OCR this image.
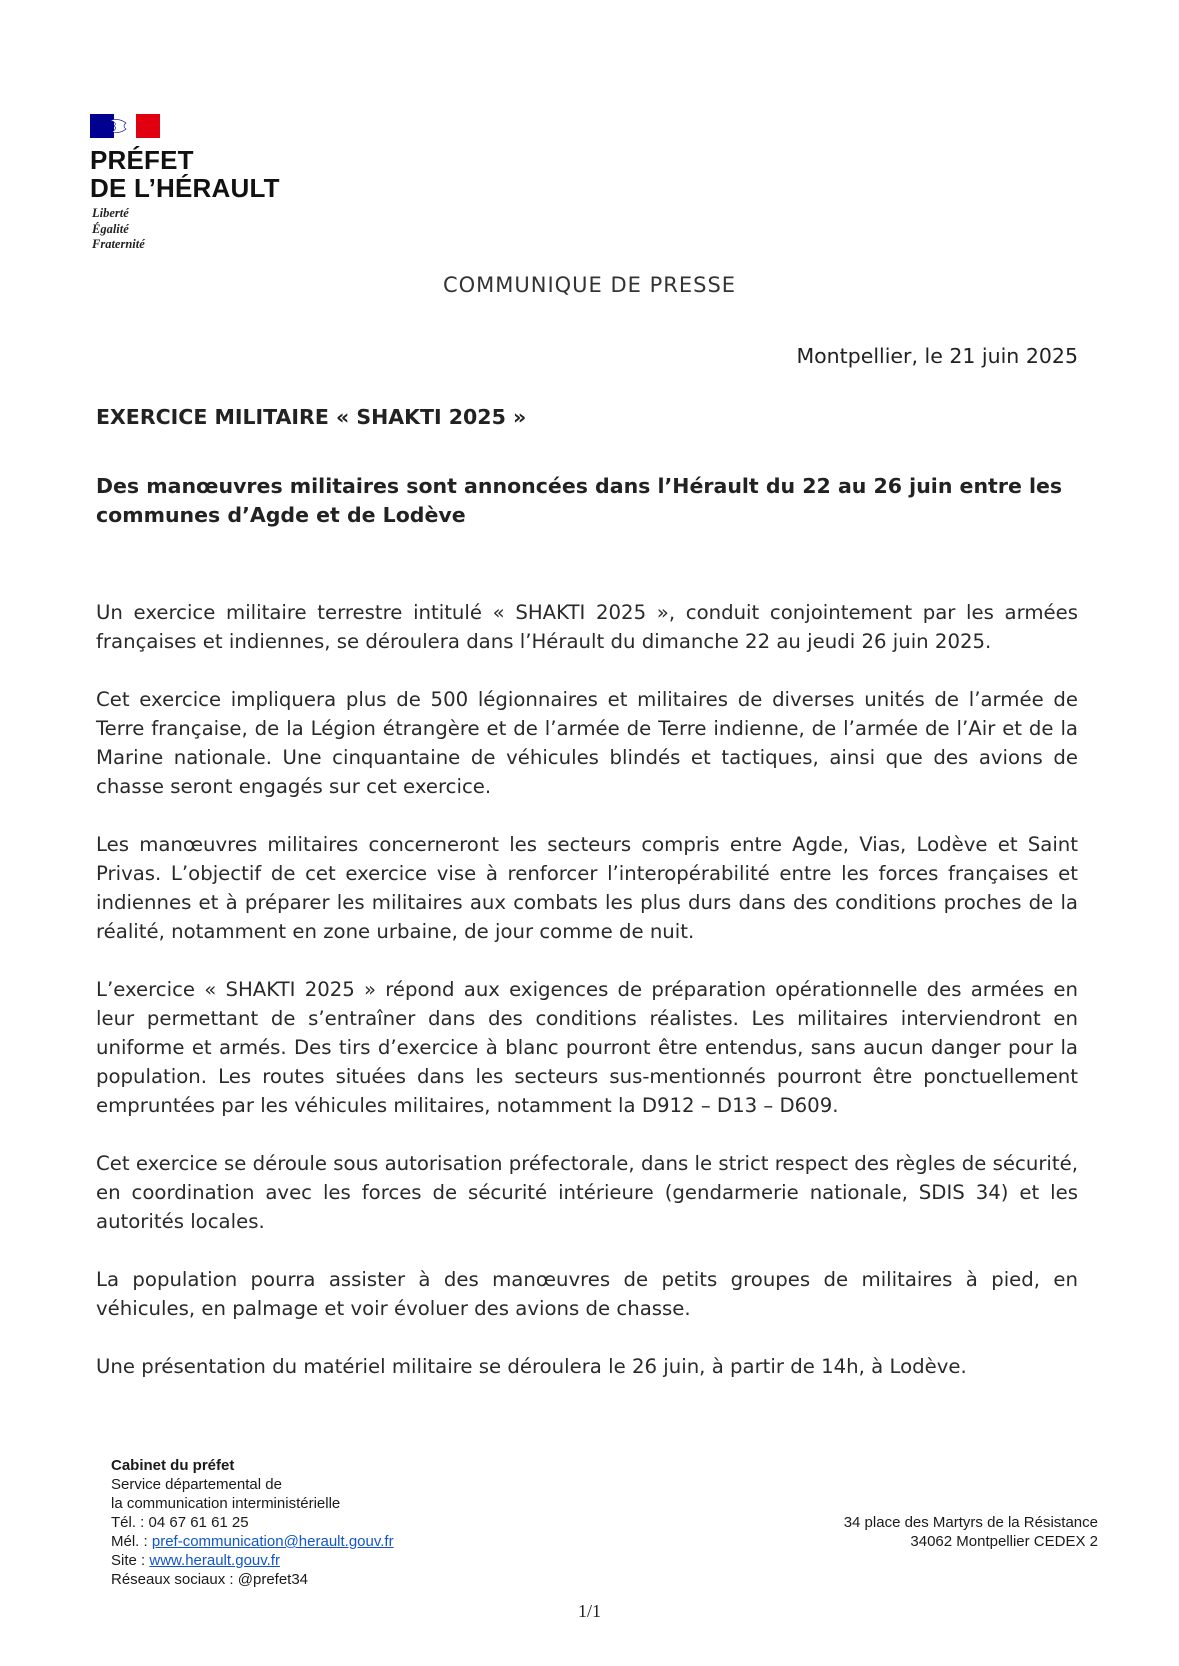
PRÉFET
DE L’HÉRAULT
Liberté
Égalité
Fraternité
COMMUNIQUE DE PRESSE
Montpellier, le 21 juin 2025
EXERCICE MILITAIRE « SHAKTI 2025 »
Des manœuvres militaires sont annoncées dans l’Hérault du 22 au 26 juin entre les communes d’Agde et de Lodève

Un exercice militaire terrestre intitulé « SHAKTI 2025 », conduit conjointement par les armées françaises et indiennes, se déroulera dans l’Hérault du dimanche 22 au jeudi 26 juin 2025.

Cet exercice impliquera plus de 500 légionnaires et militaires de diverses unités de l’armée de Terre française, de la Légion étrangère et de l’armée de Terre indienne, de l’armée de l’Air et de la Marine nationale. Une cinquantaine de véhicules blindés et tactiques, ainsi que des avions de chasse seront engagés sur cet exercice.

Les manœuvres militaires concerneront les secteurs compris entre Agde, Vias, Lodève et Saint Privas. L’objectif de cet exercice vise à renforcer l’interopérabilité entre les forces françaises et indiennes et à préparer les militaires aux combats les plus durs dans des conditions proches de la réalité, notamment en zone urbaine, de jour comme de nuit.

L’exercice « SHAKTI 2025 » répond aux exigences de préparation opérationnelle des armées en leur permettant de s’entraîner dans des conditions réalistes. Les militaires interviendront en uniforme et armés. Des tirs d’exercice à blanc pourront être entendus, sans aucun danger pour la population. Les routes situées dans les secteurs sus-mentionnés pourront être ponctuellement empruntées par les véhicules militaires, notamment la D912 – D13 – D609.

Cet exercice se déroule sous autorisation préfectorale, dans le strict respect des règles de sécurité, en coordination avec les forces de sécurité intérieure (gendarmerie nationale, SDIS 34) et les autorités locales.

La population pourra assister à des manœuvres de petits groupes de militaires à pied, en véhicules, en palmage et voir évoluer des avions de chasse.

Une présentation du matériel militaire se déroulera le 26 juin, à partir de 14h, à Lodève.

Cabinet du préfet
Service départemental de
la communication interministérielle
Tél. : 04 67 61 61 25
Mél. : pref-communication@herault.gouv.fr
Site : www.herault.gouv.fr
Réseaux sociaux : @prefet34
34 place des Martyrs de la Résistance
34062 Montpellier CEDEX 2
1/1
